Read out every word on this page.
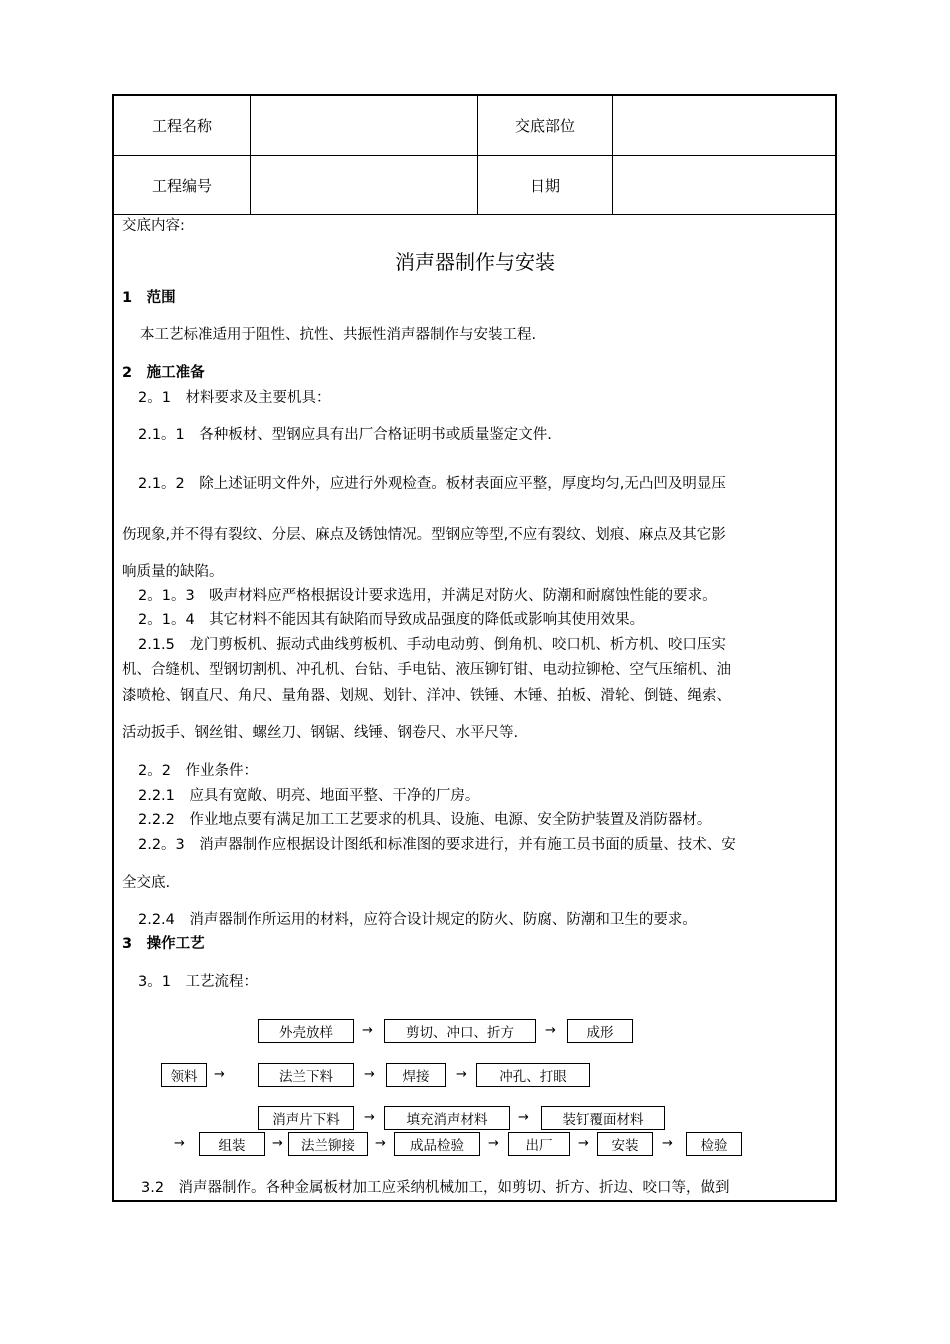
工程名称	交底部位
工程编号	日期
交底内容:
消声器制作与安装
1　范围
本工艺标准适用于阻性、抗性、共振性消声器制作与安装工程.
2　施工准备
2。1　材料要求及主要机具：
2.1。1　各种板材、型钢应具有出厂合格证明书或质量鉴定文件.
2.1。2　除上述证明文件外，应进行外观检查。板材表面应平整，厚度均匀,无凸凹及明显压
伤现象,并不得有裂纹、分层、麻点及锈蚀情况。型钢应等型,不应有裂纹、划痕、麻点及其它影
响质量的缺陷。
2。1。3　吸声材料应严格根据设计要求选用，并满足对防火、防潮和耐腐蚀性能的要求。
2。1。4　其它材料不能因其有缺陷而导致成品强度的降低或影响其使用效果。
2.1.5　龙门剪板机、振动式曲线剪板机、手动电动剪、倒角机、咬口机、析方机、咬口压实
机、合缝机、型钢切割机、冲孔机、台钻、手电钻、液压铆钉钳、电动拉铆枪、空气压缩机、油
漆喷枪、钢直尺、角尺、量角器、划规、划针、洋冲、铁锤、木锤、拍板、滑轮、倒链、绳索、
活动扳手、钢丝钳、螺丝刀、钢锯、线锤、钢卷尺、水平尺等.
2。2　作业条件：
2.2.1　应具有宽敞、明亮、地面平整、干净的厂房。
2.2.2　作业地点要有满足加工工艺要求的机具、设施、电源、安全防护装置及消防器材。
2.2。3　消声器制作应根据设计图纸和标准图的要求进行，并有施工员书面的质量、技术、安
全交底.
2.2.4　消声器制作所运用的材料，应符合设计规定的防火、防腐、防潮和卫生的要求。
3　操作工艺
3。1　工艺流程：
外壳放样	→	剪切、冲口、折方	→	成形
领料	→	法兰下料	→	焊接	→	冲孔、打眼
消声片下料	→	填充消声材料	→	装钉覆面材料
→	组装	→	法兰铆接	→	成品检验	→	出厂	→	安装	→	检验
3.2　消声器制作。各种金属板材加工应采纳机械加工，如剪切、折方、折边、咬口等，做到
